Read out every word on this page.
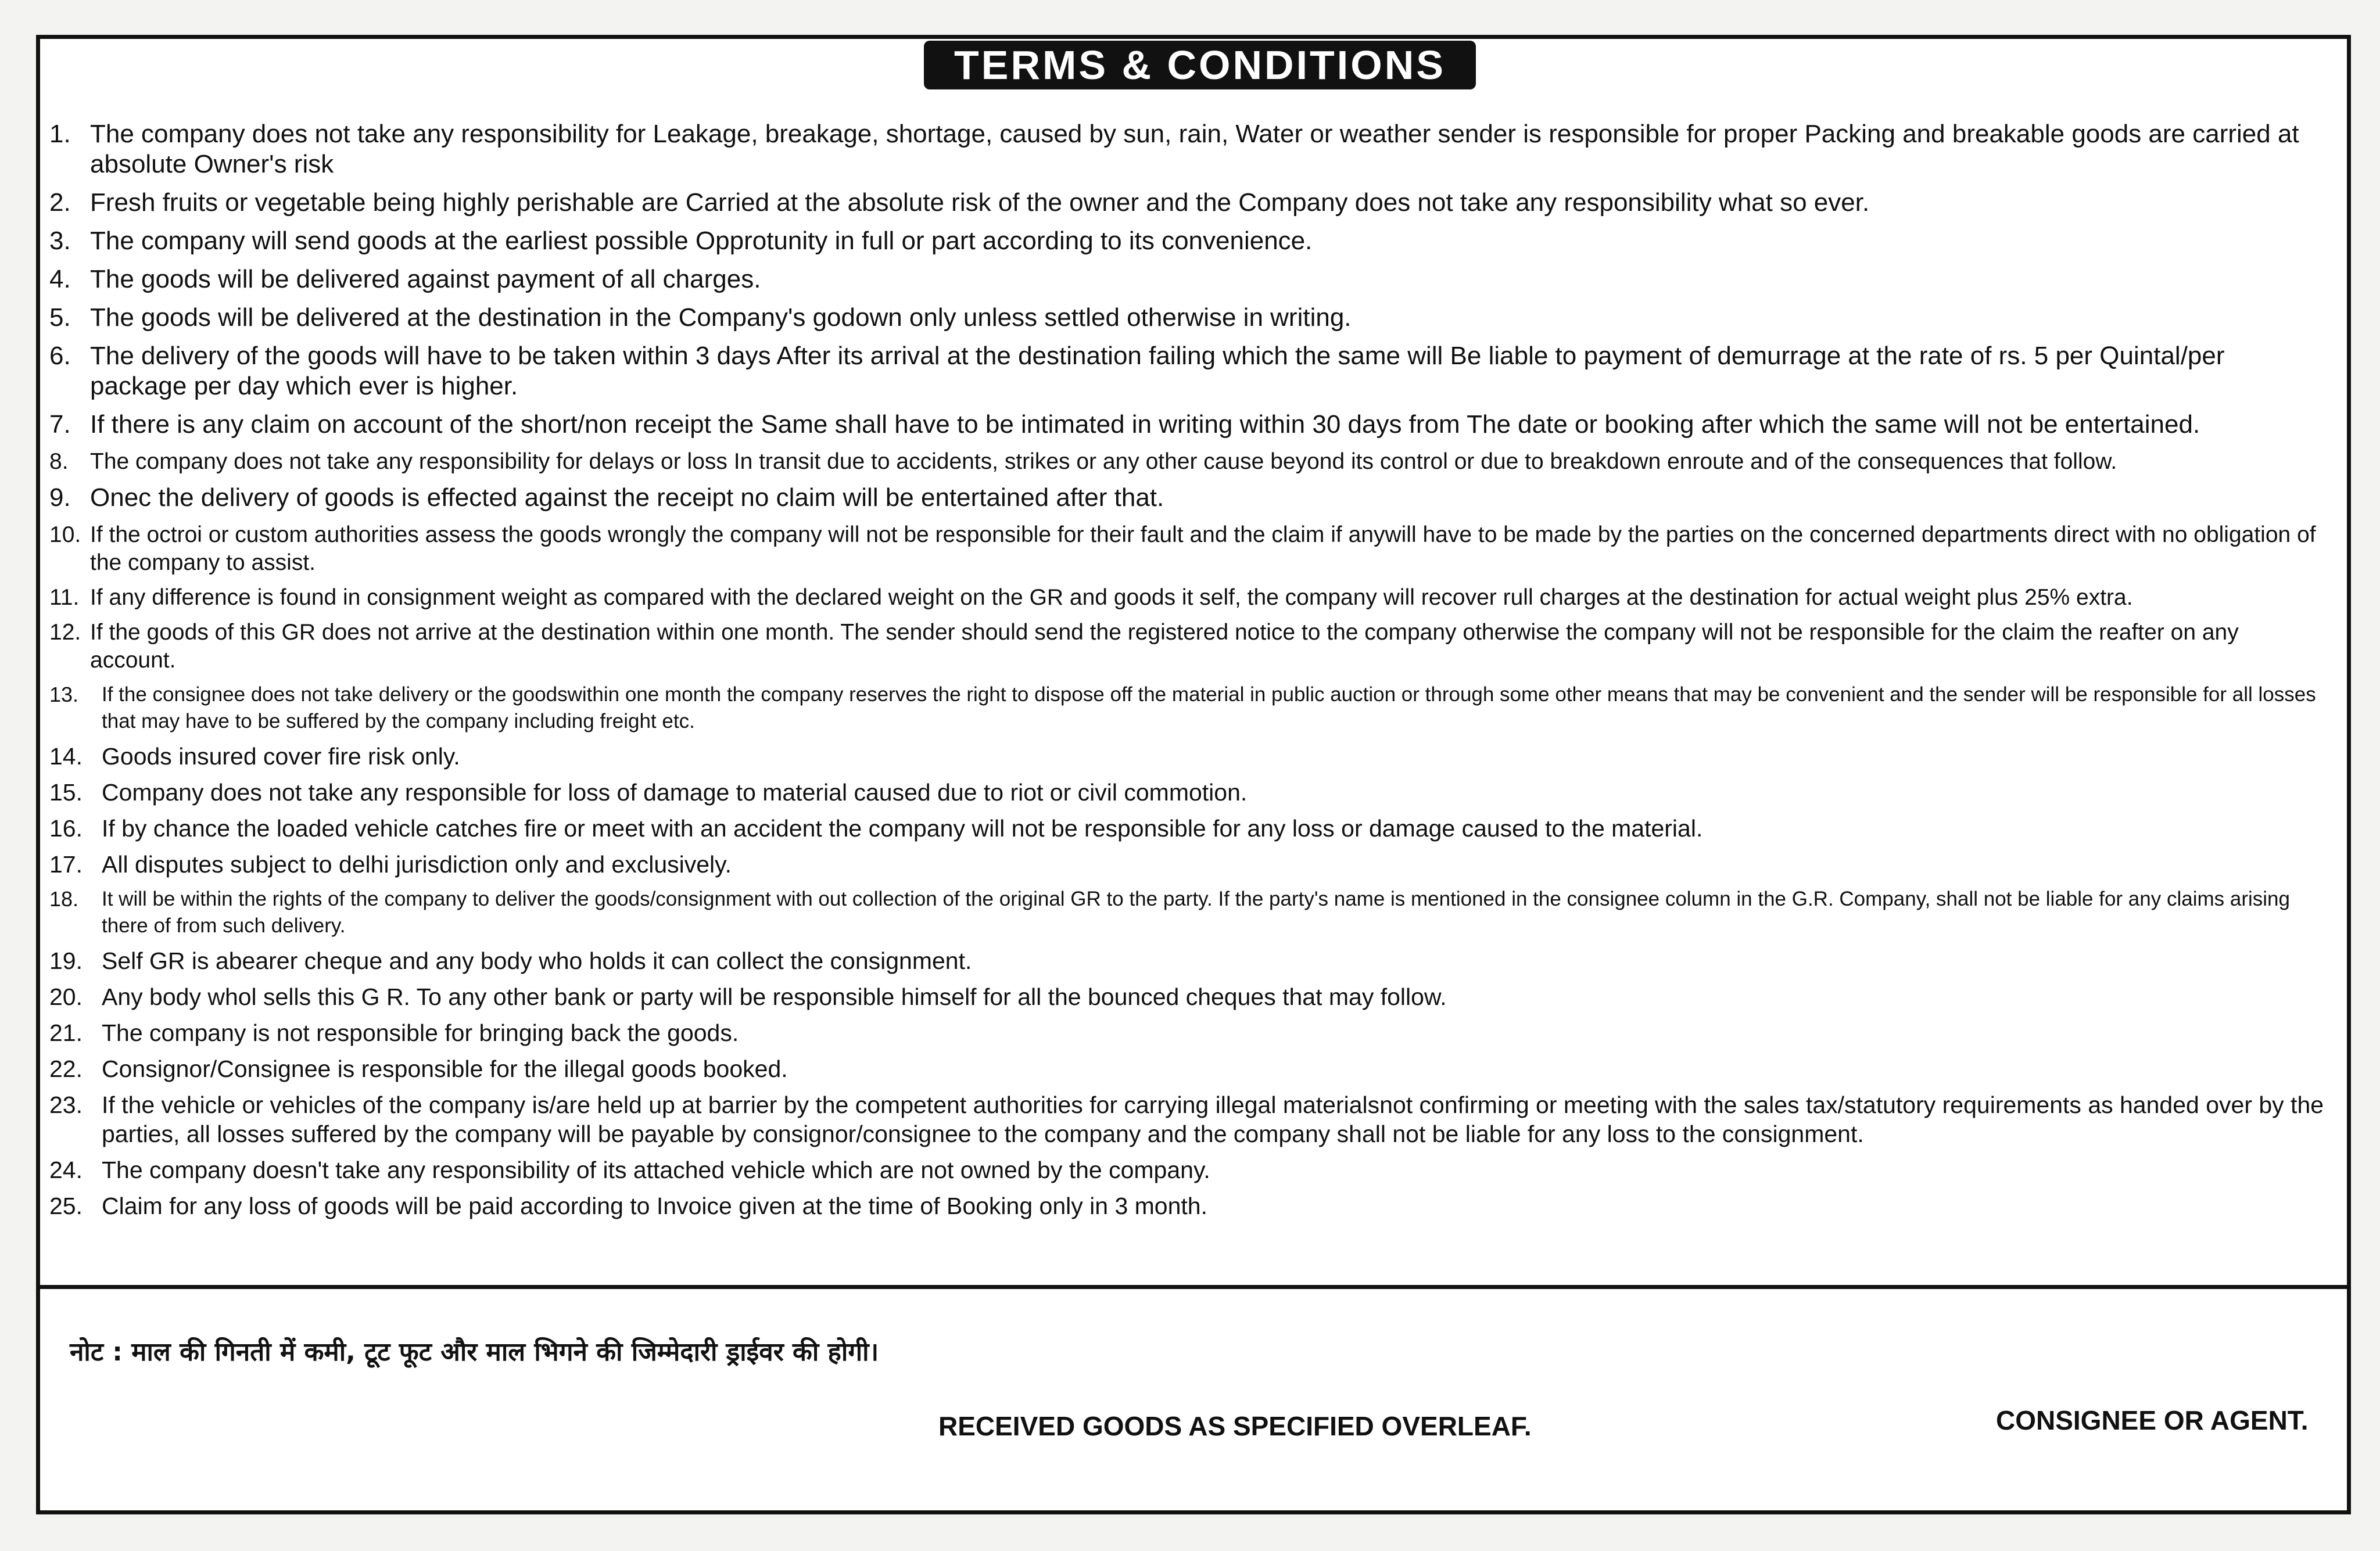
TERMS & CONDITIONS
1. The company does not take any responsibility for Leakage, breakage, shortage, caused by sun, rain, Water or weather sender is responsible for proper Packing and breakable goods are carried at absolute Owner's risk
2. Fresh fruits or vegetable being highly perishable are Carried at the absolute risk of the owner and the Company does not take any responsibility what so ever.
3. The company will send goods at the earliest possible Opprotunity in full or part according to its convenience.
4. The goods will be delivered against payment of all charges.
5. The goods will be delivered at the destination in the Company's godown only unless settled otherwise in writing.
6. The delivery of the goods will have to be taken within 3 days After its arrival at the destination failing which the same will Be liable to payment of demurrage at the rate of rs. 5 per Quintal/per package per day which ever is higher.
7. If there is any claim on account of the short/non receipt the Same shall have to be intimated in writing within 30 days from The date or booking after which the same will not be entertained.
8. The company does not take any responsibility for delays or loss In transit due to accidents, strikes or any other cause beyond its control or due to breakdown enroute and of the consequences that follow.
9. Onec the delivery of goods is effected against the receipt no claim will be entertained after that.
10. If the octroi or custom authorities assess the goods wrongly the company will not be responsible for their fault and the claim if anywill have to be made by the parties on the concerned departments direct with no obligation of the company to assist.
11. If any difference is found in consignment weight as compared with the declared weight on the GR and goods it self, the company will recover rull charges at the destination for actual weight plus 25% extra.
12. If the goods of this GR does not arrive at the destination within one month. The sender should send the registered notice to the company otherwise the company will not be responsible for the claim the reafter on any account.
13.	If the consignee does not take delivery or the goodswithin one month the company reserves the right to dispose off the material in public auction or through some other means that may be convenient and the sender will be responsible for all losses that may have to be suffered by the company including freight etc.
14. Goods insured cover fire risk only.
15. Company does not take any responsible for loss of damage to material caused due to riot or civil commotion.
16. If by chance the loaded vehicle catches fire or meet with an accident the company will not be responsible for any loss or damage caused to the material.
17. All disputes subject to delhi jurisdiction only and exclusively.
18.	It will be within the rights of the company to deliver the goods/consignment with out collection of the original GR to the party. If the party's name is mentioned in the consignee column in the G.R. Company, shall not be liable for any claims arising there of from such delivery.
19. Self GR is abearer cheque and any body who holds it can collect the consignment.
20. Any body whol sells this G R. To any other bank or party will be responsible himself for all the bounced cheques that may follow.
21. The company is not responsible for bringing back the goods.
22. Consignor/Consignee is responsible for the illegal goods booked.
23. If the vehicle or vehicles of the company is/are held up at barrier by the competent authorities for carrying illegal materialsnot confirming or meeting with the sales tax/statutory requirements as handed over by the parties, all losses suffered by the company will be payable by consignor/consignee to the company and the company shall not be liable for any loss to the consignment.
24. The company doesn't take any responsibility of its attached vehicle which are not owned by the company.
25. Claim for any loss of goods will be paid according to Invoice given at the time of Booking only in 3 month.
नोट : माल की गिनती में कमी, टूट फूट और माल भिगने की जिम्मेदारी ड्राईवर की होगी।
RECEIVED GOODS AS SPECIFIED OVERLEAF.	CONSIGNEE OR AGENT.
